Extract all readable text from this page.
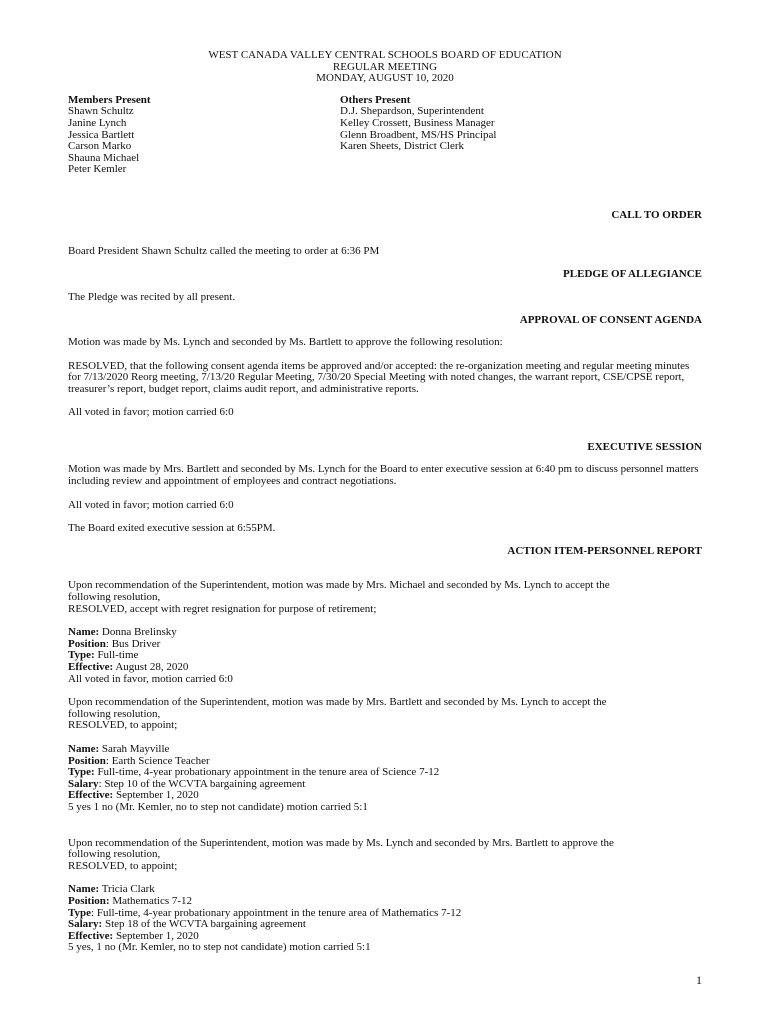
WEST CANADA VALLEY CENTRAL SCHOOLS BOARD OF EDUCATION
REGULAR MEETING
MONDAY, AUGUST 10, 2020
Members Present
Shawn Schultz
Janine Lynch
Jessica Bartlett
Carson Marko
Shauna Michael
Peter Kemler
Others Present
D.J. Shepardson, Superintendent
Kelley Crossett, Business Manager
Glenn Broadbent, MS/HS Principal
Karen Sheets, District Clerk
CALL TO ORDER

Board President Shawn Schultz called the meeting to order at 6:36 PM

PLEDGE OF ALLEGIANCE

The Pledge was recited by all present.

APPROVAL OF CONSENT AGENDA

Motion was made by Ms. Lynch and seconded by Ms. Bartlett to approve the following resolution:

RESOLVED, that the following consent agenda items be approved and/or accepted: the re-organization meeting and regular meeting minutes for 7/13/2020 Reorg meeting, 7/13/20 Regular Meeting, 7/30/20 Special Meeting with noted changes, the warrant report, CSE/CPSE report, treasurer’s report, budget report, claims audit report, and administrative reports.

All voted in favor; motion carried 6:0

EXECUTIVE SESSION

Motion was made by Mrs. Bartlett and seconded by Ms. Lynch for the Board to enter executive session at 6:40 pm to discuss personnel matters including review and appointment of employees and contract negotiations.

All voted in favor; motion carried 6:0

The Board exited executive session at 6:55PM.

ACTION ITEM-PERSONNEL REPORT
Upon recommendation of the Superintendent, motion was made by Mrs. Michael and seconded by Ms. Lynch to accept the
following resolution,
RESOLVED, accept with regret resignation for purpose of retirement;
Name: Donna Brelinsky
Position: Bus Driver
Type: Full-time
Effective: August 28, 2020
All voted in favor, motion carried 6:0
Upon recommendation of the Superintendent, motion was made by Mrs. Bartlett and seconded by Ms. Lynch to accept the
following resolution,
RESOLVED, to appoint;
Name: Sarah Mayville
Position: Earth Science Teacher
Type: Full-time, 4-year probationary appointment in the tenure area of Science 7-12
Salary: Step 10 of the WCVTA bargaining agreement
Effective: September 1, 2020
5 yes 1 no (Mr. Kemler, no to step not candidate) motion carried 5:1
Upon recommendation of the Superintendent, motion was made by Ms. Lynch and seconded by Mrs. Bartlett to approve the
following resolution,
RESOLVED, to appoint;
Name: Tricia Clark
Position: Mathematics 7-12
Type: Full-time, 4-year probationary appointment in the tenure area of Mathematics 7-12
Salary: Step 18 of the WCVTA bargaining agreement
Effective: September 1, 2020
5 yes, 1 no (Mr. Kemler, no to step not candidate) motion carried 5:1
1
